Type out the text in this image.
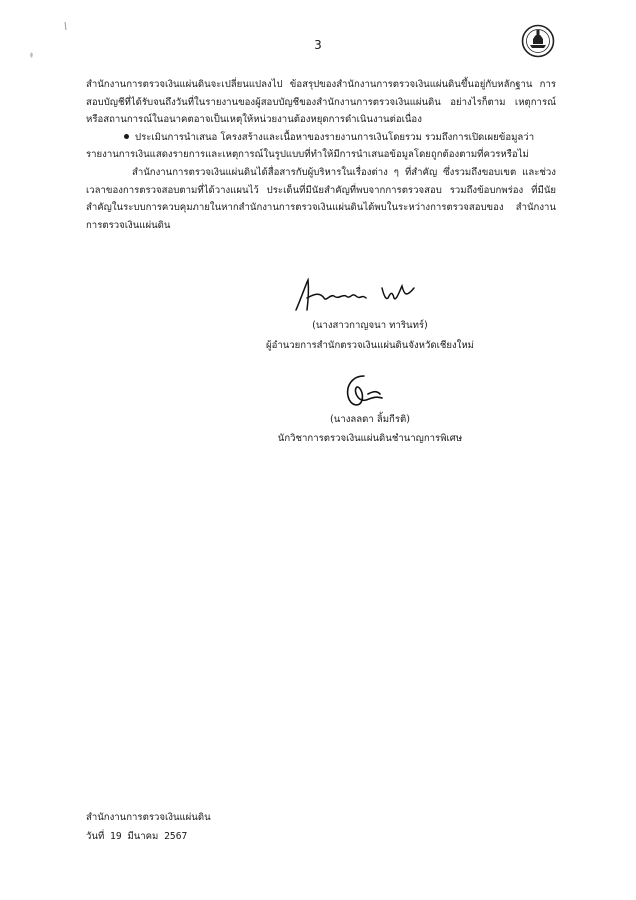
3

สำนักงานการตรวจเงินแผ่นดินจะเปลี่ยนแปลงไป ข้อสรุปของสำนักงานการตรวจเงินแผ่นดินขึ้นอยู่กับหลักฐาน การสอบบัญชีที่ได้รับจนถึงวันที่ในรายงานของผู้สอบบัญชีของสำนักงานการตรวจเงินแผ่นดิน อย่างไรก็ตาม เหตุการณ์หรือสถานการณ์ในอนาคตอาจเป็นเหตุให้หน่วยงานต้องหยุดการดำเนินงานต่อเนื่อง

ประเมินการนำเสนอ โครงสร้างและเนื้อหาของรายงานการเงินโดยรวม รวมถึงการเปิดเผยข้อมูลว่า

รายงานการเงินแสดงรายการและเหตุการณ์ในรูปแบบที่ทำให้มีการนำเสนอข้อมูลโดยถูกต้องตามที่ควรหรือไม่

สำนักงานการตรวจเงินแผ่นดินได้สื่อสารกับผู้บริหารในเรื่องต่าง ๆ ที่สำคัญ ซึ่งรวมถึงขอบเขต และช่วงเวลาของการตรวจสอบตามที่ได้วางแผนไว้ ประเด็นที่มีนัยสำคัญที่พบจากการตรวจสอบ รวมถึงข้อบกพร่อง ที่มีนัยสำคัญในระบบการควบคุมภายในหากสำนักงานการตรวจเงินแผ่นดินได้พบในระหว่างการตรวจสอบของ สำนักงานการตรวจเงินแผ่นดิน

(นางสาวกาญจนา ทารินทร์)
ผู้อำนวยการสำนักตรวจเงินแผ่นดินจังหวัดเชียงใหม่
(นางลลดา ลิ้มกีรติ)
นักวิชาการตรวจเงินแผ่นดินชำนาญการพิเศษ
สำนักงานการตรวจเงินแผ่นดิน
วันที่ 19 มีนาคม 2567
